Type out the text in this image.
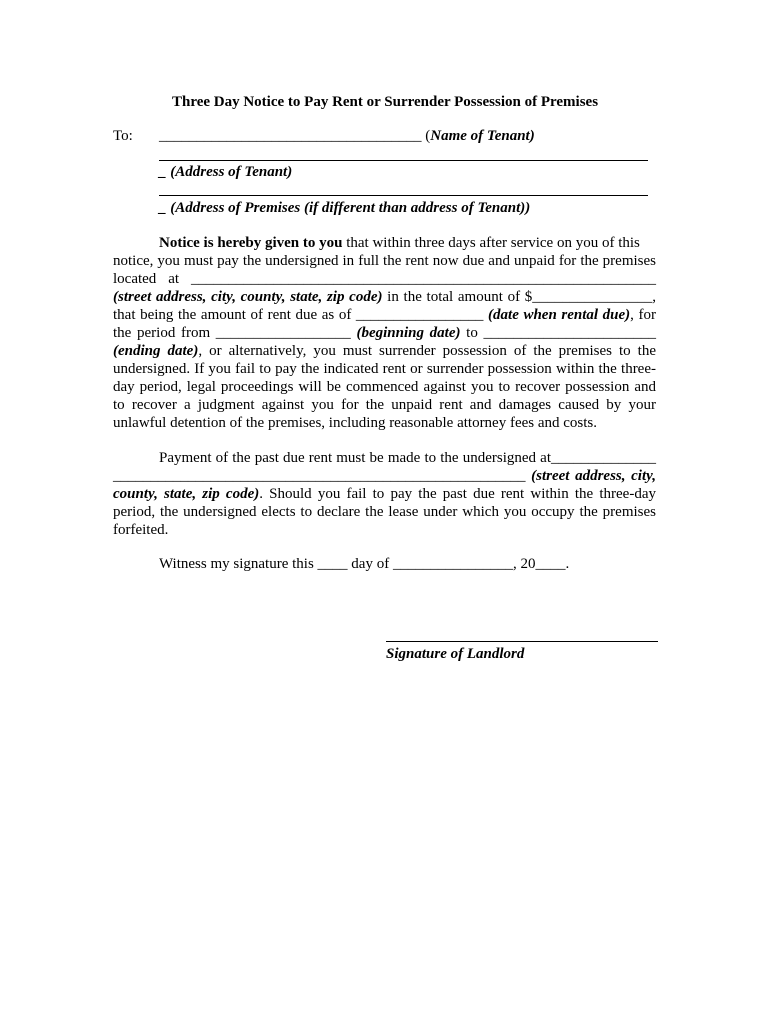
Three Day Notice to Pay Rent or Surrender Possession of Premises
To: ___________________________________ (Name of Tenant)
_ (Address of Tenant)
_ (Address of Premises (if different than address of Tenant))
Notice is hereby given to you that within three days after service on you of this
notice, you must pay the undersigned in full the rent now due and unpaid for the premises
located at ______________________________________________________________
(street address, city, county, state, zip code) in the total amount of $________________,
that being the amount of rent due as of _________________ (date when rental due), for
the period from __________________ (beginning date) to _______________________
(ending date), or alternatively, you must surrender possession of the premises to the
undersigned. If you fail to pay the indicated rent or surrender possession within the three-
day period, legal proceedings will be commenced against you to recover possession and
to recover a judgment against you for the unpaid rent and damages caused by your
unlawful detention of the premises, including reasonable attorney fees and costs.
Payment of the past due rent must be made to the undersigned at______________
_______________________________________________________ (street address, city,
county, state, zip code). Should you fail to pay the past due rent within the three-day
period, the undersigned elects to declare the lease under which you occupy the premises
forfeited.
Witness my signature this ____ day of ________________, 20____.
Signature of Landlord
